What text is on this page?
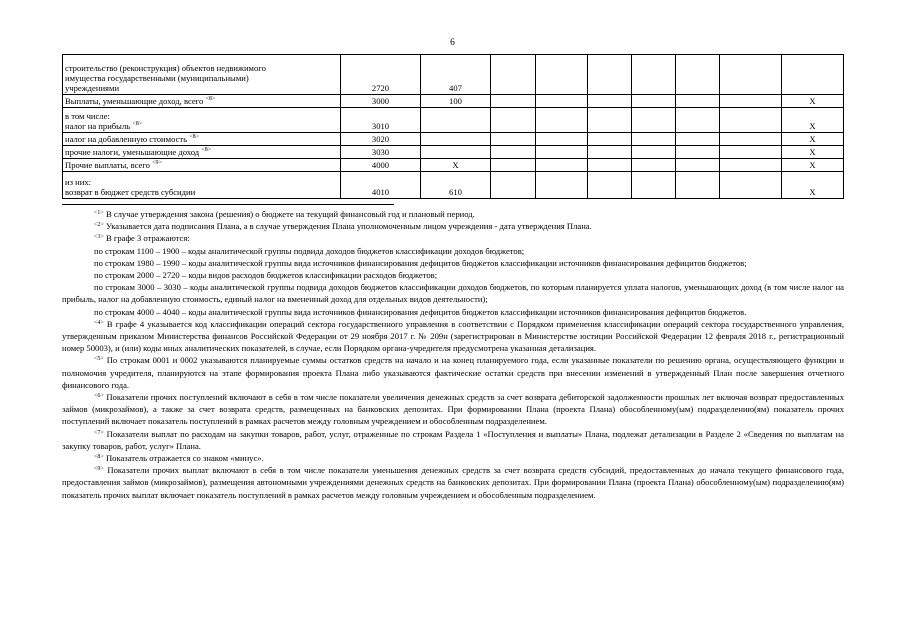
6
строительство (реконструкция) объектов недвижимого
имущества государственными (муниципальными)
учреждениями	2720	407							

Выплаты, уменьшающие доход, всего $^{<8>}$	3000	100							X

в том числе:
налог на прибыль $^{<8>}$	3010								X

налог на добавленную стоимость $^{<8>}$	3020								X

прочие налоги, уменьшающие доход $^{<8>}$	3030								X

Прочие выплаты, всего $^{<9>}$	4000	X							X

из них:
возврат в бюджет средств субсидии	4010	610							X

$^{<1>}$ В случае утверждения закона (решения) о бюджете на текущий финансовый год и плановый период.

$^{<2>}$ Указывается дата подписания Плана, а в случае утверждения Плана уполномоченным лицом учреждения - дата утверждения Плана.

$^{<3>}$ В графе 3 отражаются:

по строкам 1100 – 1900 – коды аналитической группы подвида доходов бюджетов классификации доходов бюджетов;

по строкам 1980 – 1990 – коды аналитической группы вида источников финансирования дефицитов бюджетов классификации источников финансирования дефицитов бюджетов;

по строкам 2000 – 2720 – коды видов расходов бюджетов классификации расходов бюджетов;

по строкам 3000 – 3030 – коды аналитической группы подвида доходов бюджетов классификации доходов бюджетов, по которым планируется уплата налогов, уменьшающих доход (в том числе налог на прибыль, налог на добавленную стоимость, единый налог на вмененный доход для отдельных видов деятельности);

по строкам 4000 – 4040 – коды аналитической группы вида источников финансирования дефицитов бюджетов классификации источников финансирования дефицитов бюджетов.

$^{<4>}$ В графе 4 указывается код классификации операций сектора государственного управления в соответствии с Порядком применения классификации операций сектора государственного управления, утвержденным приказом Министерства финансов Российской Федерации от 29 ноября 2017 г. № 209н (зарегистрирован в Министерстве юстиции Российской Федерации 12 февраля 2018 г., регистрационный номер 50003), и (или) коды иных аналитических показателей, в случае, если Порядком органа-учредителя предусмотрена указанная детализация.

$^{<5>}$ По строкам 0001 и 0002 указываются планируемые суммы остатков средств на начало и на конец планируемого года, если указанные показатели по решению органа, осуществляющего функции и полномочия учредителя, планируются на этапе формирования проекта Плана либо указываются фактические остатки средств при внесении изменений в утвержденный План после завершения отчетного финансового года.

$^{<6>}$ Показатели прочих поступлений включают в себя в том числе показатели увеличения денежных средств за счет возврата дебиторской задолженности прошлых лет включая возврат предоставленных займов (микрозаймов), а также за счет возврата средств, размещенных на банковских депозитах. При формировании Плана (проекта Плана) обособленному(ым) подразделению(ям) показатель прочих поступлений включает показатель поступлений в рамках расчетов между головным учреждением и обособленным подразделением.

$^{<7>}$ Показатели выплат по расходам на закупки товаров, работ, услуг, отраженные по строкам Раздела 1 «Поступления и выплаты» Плана, подлежат детализации в Разделе 2 «Сведения по выплатам на закупку товаров, работ, услуг» Плана.

$^{<8>}$ Показатель отражается со знаком «минус».

$^{<9>}$ Показатели прочих выплат включают в себя в том числе показатели уменьшения денежных средств за счет возврата средств субсидий, предоставленных до начала текущего финансового года, предоставления займов (микрозаймов), размещения автономными учреждениями денежных средств на банковских депозитах. При формировании Плана (проекта Плана) обособленному(ым) подразделению(ям) показатель прочих выплат включает показатель поступлений в рамках расчетов между головным учреждением и обособленным подразделением.
